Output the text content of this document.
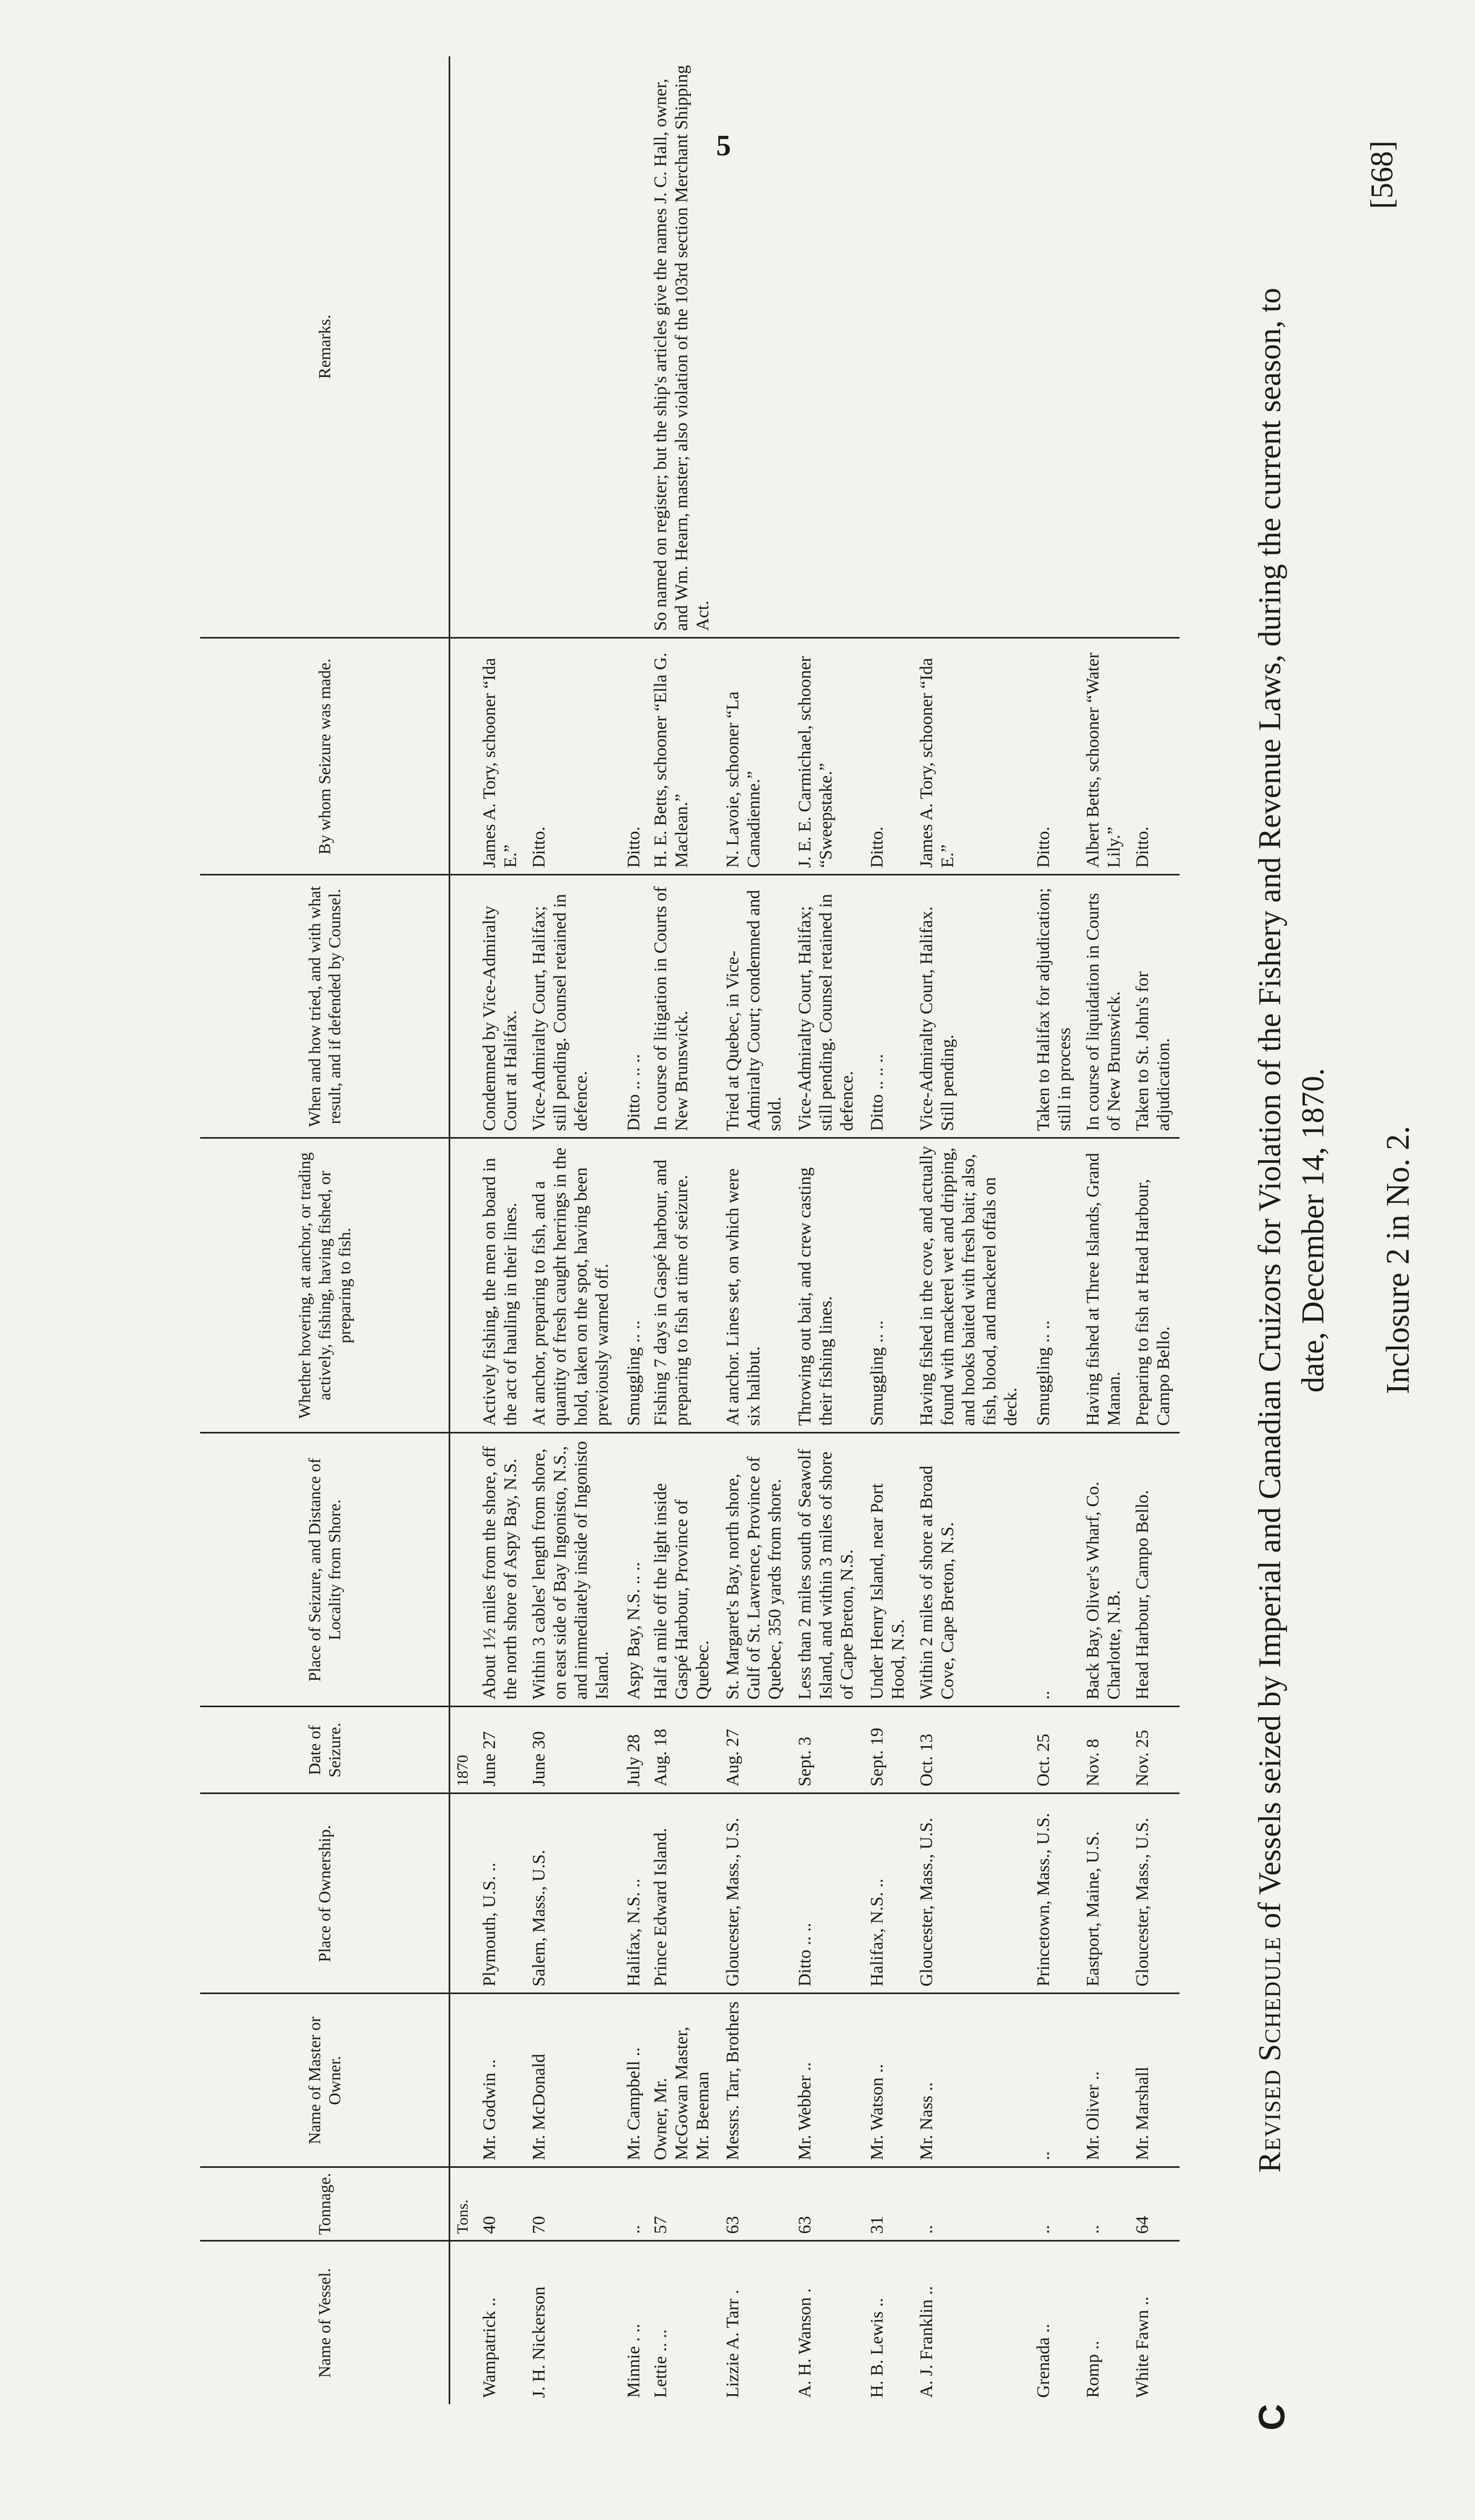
5
Inclosure 2 in No. 2.
Revised Schedule of Vessels seized by Imperial and Canadian Cruizors for Violation of the Fishery and Revenue Laws, during the current season, to date, December 14, 1870.
[568]
C
Name of Vessel.	Tonnage.	Name of Master or Owner.	Place of Ownership.	Date of Seizure.	Place of Seizure, and Distance of Locality from Shore.	Whether hovering, at anchor, or trading actively, fishing, having fished, or preparing to fish.	When and how tried, and with what result, and if defended by Counsel.	By whom Seizure was made.	Remarks.
	Tons.			1870					
Wampatrick ..	40	Mr. Godwin ..	Plymouth, U.S. ..	June 27	About 1½ miles from the shore, off the north shore of Aspy Bay, N.S.	Actively fishing, the men on board in the act of hauling in their lines.	Condemned by Vice-Admiralty Court at Halifax.	James A. Tory, schooner “Ida E.”	
J. H. Nickerson	70	Mr. McDonald	Salem, Mass., U.S.	June 30	Within 3 cables' length from shore, on east side of Bay Ingonisto, N.S., and immediately inside of Ingonisto Island.	At anchor, preparing to fish, and a quantity of fresh caught herrings in the hold, taken on the spot, having been previously warned off.	Vice-Admiralty Court, Halifax; still pending. Counsel retained in defence.	Ditto.	
Minnie . ..	..	Mr. Campbell ..	Halifax, N.S. ..	July 28	Aspy Bay, N.S. .. ..	Smuggling .. ..	Ditto .. .. ..	Ditto.	
Lettie .. ..	57	Owner, Mr. McGowan Master, Mr. Beeman	Prince Edward Island.	Aug. 18	Half a mile off the light inside Gaspé Harbour, Province of Quebec.	Fishing 7 days in Gaspé harbour, and preparing to fish at time of seizure.	In course of litigation in Courts of New Brunswick.	H. E. Betts, schooner “Ella G. Maclean.”	So named on register; but the ship's articles give the names J. C. Hall, owner, and Wm. Hearn, master; also violation of the 103rd section Merchant Shipping Act.
Lizzie A. Tarr .	63	Messrs. Tarr, Brothers	Gloucester, Mass., U.S.	Aug. 27	St. Margaret's Bay, north shore, Gulf of St. Lawrence, Province of Quebec, 350 yards from shore.	At anchor. Lines set, on which were six halibut.	Tried at Quebec, in Vice-Admiralty Court; condemned and sold.	N. Lavoie, schooner “La Canadienne.”	
A. H. Wanson .	63	Mr. Webber ..	Ditto .. ..	Sept. 3	Less than 2 miles south of Seawolf Island, and within 3 miles of shore of Cape Breton, N.S.	Throwing out bait, and crew casting their fishing lines.	Vice-Admiralty Court, Halifax; still pending. Counsel retained in defence.	J. E. E. Carmichael, schooner “Sweepstake.”	
H. B. Lewis ..	31	Mr. Watson ..	Halifax, N.S. ..	Sept. 19	Under Henry Island, near Port Hood, N.S.	Smuggling .. ..	Ditto .. .. ..	Ditto.	
A. J. Franklin ..	..	Mr. Nass ..	Gloucester, Mass., U.S.	Oct. 13	Within 2 miles of shore at Broad Cove, Cape Breton, N.S.	Having fished in the cove, and actually found with mackerel wet and dripping, and hooks baited with fresh bait; also, fish, blood, and mackerel offals on deck.	Vice-Admiralty Court, Halifax. Still pending.	James A. Tory, schooner “Ida E.”	
Grenada ..	..	..	Princetown, Mass., U.S.	Oct. 25	..	Smuggling .. ..	Taken to Halifax for adjudication; still in process	Ditto.	
Romp ..	..	Mr. Oliver ..	Eastport, Maine, U.S.	Nov. 8	Back Bay, Oliver's Wharf, Co. Charlotte, N.B.	Having fished at Three Islands, Grand Manan.	In course of liquidation in Courts of New Brunswick.	Albert Betts, schooner “Water Lily.”	
White Fawn ..	64	Mr. Marshall	Gloucester, Mass., U.S.	Nov. 25	Head Harbour, Campo Bello.	Preparing to fish at Head Harbour, Campo Bello.	Taken to St. John's for adjudication.	Ditto.	
